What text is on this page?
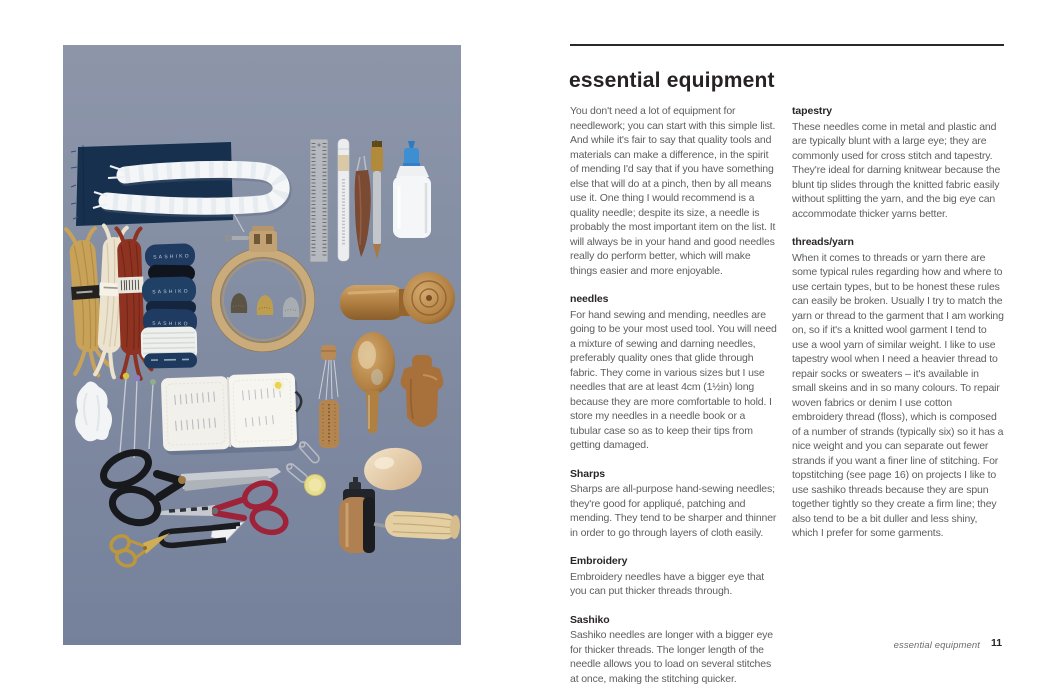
SASHIKO
SASHIKO
SASHIKO
essential equipment

You don't need a lot of equipment for needlework; you can start with this simple list. And while it's fair to say that quality tools and materials can make a difference, in the spirit of mending I'd say that if you have something else that will do at a pinch, then by all means use it. One thing I would recommend is a quality needle; despite its size, a needle is probably the most important item on the list. It will always be in your hand and good needles really do perform better, which will make things easier and more enjoyable.

needles

For hand sewing and mending, needles are going to be your most used tool. You will need a mixture of sewing and darning needles, preferably quality ones that glide through fabric. They come in various sizes but I use needles that are at least 4cm (1½in) long because they are more comfortable to hold. I store my needles in a needle book or a tubular case so as to keep their tips from getting damaged.

Sharps

Sharps are all-purpose hand-sewing needles; they're good for appliqué, patching and mending. They tend to be sharper and thinner in order to go through layers of cloth easily.

Embroidery

Embroidery needles have a bigger eye that you can put thicker threads through.

Sashiko

Sashiko needles are longer with a bigger eye for thicker threads. The longer length of the needle allows you to load on several stitches at once, making the stitching quicker.

tapestry

These needles come in metal and plastic and are typically blunt with a large eye; they are commonly used for cross stitch and tapestry. They're ideal for darning knitwear because the blunt tip slides through the knitted fabric easily without splitting the yarn, and the big eye can accommodate thicker yarns better.

threads/yarn

When it comes to threads or yarn there are some typical rules regarding how and where to use certain types, but to be honest these rules can easily be broken. Usually I try to match the yarn or thread to the garment that I am working on, so if it's a knitted wool garment I tend to use a wool yarn of similar weight. I like to use tapestry wool when I need a heavier thread to repair socks or sweaters – it's available in small skeins and in so many colours. To repair woven fabrics or denim I use cotton embroidery thread (floss), which is composed of a number of strands (typically six) so it has a nice weight and you can separate out fewer strands if you want a finer line of stitching. For topstitching (see page 16) on projects I like to use sashiko threads because they are spun together tightly so they create a firm line; they also tend to be a bit duller and less shiny, which I prefer for some garments.

essential equipment 11
